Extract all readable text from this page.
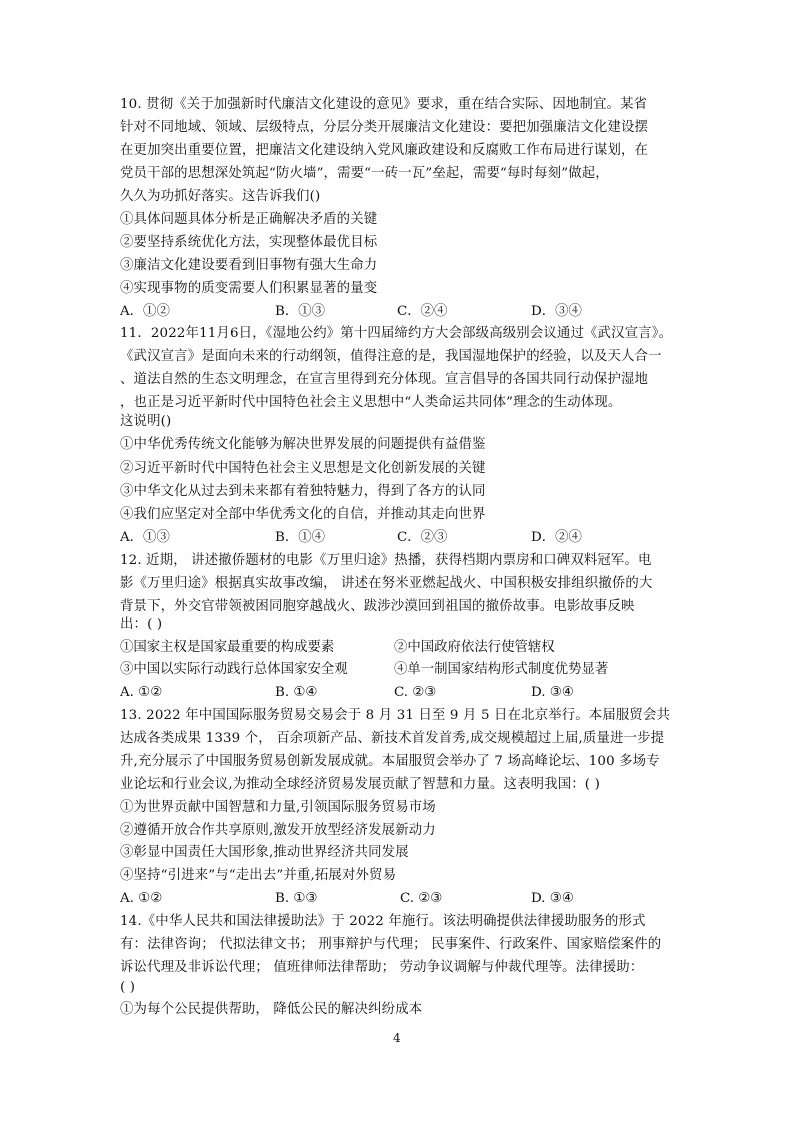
10. 贯彻《关于加强新时代廉洁文化建设的意见》要求，重在结合实际、因地制宜。某省
针对不同地域、领域、层级特点，分层分类开展廉洁文化建设：要把加强廉洁文化建设摆
在更加突出重要位置，把廉洁文化建设纳入党风廉政建设和反腐败工作布局进行谋划，在
党员干部的思想深处筑起“防火墙”，需要“一砖一瓦”垒起，需要“每时每刻”做起，
久久为功抓好落实。这告诉我们()
①具体问题具体分析是正确解决矛盾的关键
②要坚持系统优化方法，实现整体最优目标
③廉洁文化建设要看到旧事物有强大生命力
④实现事物的质变需要人们积累显著的量变
A．①②	B．①③	C．②④	D．③④
11．2022年11月6日，《湿地公约》第十四届缔约方大会部级高级别会议通过《武汉宣言》。
《武汉宣言》是面向未来的行动纲领，值得注意的是，我国湿地保护的经验，以及天人合一
、道法自然的生态文明理念，在宣言里得到充分体现。宣言倡导的各国共同行动保护湿地
，也正是习近平新时代中国特色社会主义思想中“人类命运共同体”理念的生动体现。
这说明()
①中华优秀传统文化能够为解决世界发展的问题提供有益借鉴
②习近平新时代中国特色社会主义思想是文化创新发展的关键
③中华文化从过去到未来都有着独特魅力，得到了各方的认同
④我们应坚定对全部中华优秀文化的自信，并推动其走向世界
A．①③	B．①④	C．②③	D．②④
12. 近期， 讲述撤侨题材的电影《万里归途》热播，获得档期内票房和口碑双料冠军。电
影《万里归途》根据真实故事改编， 讲述在努米亚燃起战火、中国积极安排组织撤侨的大
背景下，外交官带领被困同胞穿越战火、跋涉沙漠回到祖国的撤侨故事。电影故事反映
出：( )
①国家主权是国家最重要的构成要素	②中国政府依法行使管辖权
③中国以实际行动践行总体国家安全观	④单一制国家结构形式制度优势显著
A. ①②	B. ①④	C. ②③	D. ③④
13. 2022 年中国国际服务贸易交易会于 8 月 31 日至 9 月 5 日在北京举行。本届服贸会共
达成各类成果 1339 个， 百余项新产品、新技术首发首秀,成交规模超过上届,质量进一步提
升,充分展示了中国服务贸易创新发展成就。本届服贸会举办了 7 场高峰论坛、100 多场专
业论坛和行业会议,为推动全球经济贸易发展贡献了智慧和力量。这表明我国：( )
①为世界贡献中国智慧和力量,引领国际服务贸易市场
②遵循开放合作共享原则,激发开放型经济发展新动力
③彰显中国责任大国形象,推动世界经济共同发展
④坚持“引进来”与“走出去”并重,拓展对外贸易
A. ①②	B. ①③	C. ②③	D. ③④
14.《中华人民共和国法律援助法》于 2022 年施行。该法明确提供法律援助服务的形式
有：法律咨询； 代拟法律文书； 刑事辩护与代理； 民事案件、行政案件、国家赔偿案件的
诉讼代理及非诉讼代理； 值班律师法律帮助； 劳动争议调解与仲裁代理等。法律援助：
( )
①为每个公民提供帮助， 降低公民的解决纠纷成本
4
